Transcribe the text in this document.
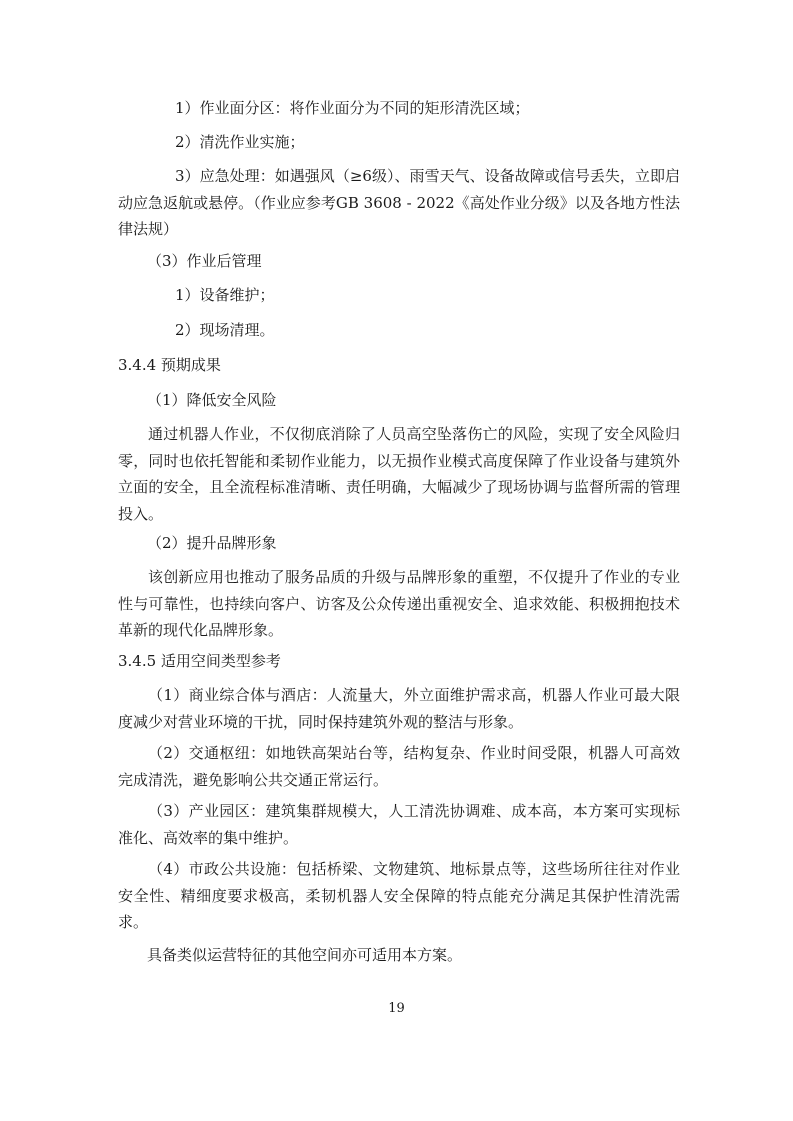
1）作业面分区：将作业面分为不同的矩形清洗区域；

2）清洗作业实施；

3）应急处理：如遇强风（≥6级）、雨雪天气、设备故障或信号丢失，立即启动应急返航或悬停。（作业应参考GB 3608 - 2022《高处作业分级》以及各地方性法律法规）

（3）作业后管理

1）设备维护；

2）现场清理。

3.4.4 预期成果

（1）降低安全风险

通过机器人作业，不仅彻底消除了人员高空坠落伤亡的风险，实现了安全风险归零，同时也依托智能和柔韧作业能力，以无损作业模式高度保障了作业设备与建筑外立面的安全，且全流程标准清晰、责任明确，大幅减少了现场协调与监督所需的管理投入。

（2）提升品牌形象

该创新应用也推动了服务品质的升级与品牌形象的重塑，不仅提升了作业的专业性与可靠性，也持续向客户、访客及公众传递出重视安全、追求效能、积极拥抱技术革新的现代化品牌形象。

3.4.5 适用空间类型参考

（1）商业综合体与酒店：人流量大，外立面维护需求高，机器人作业可最大限度减少对营业环境的干扰，同时保持建筑外观的整洁与形象。

（2）交通枢纽：如地铁高架站台等，结构复杂、作业时间受限，机器人可高效完成清洗，避免影响公共交通正常运行。

（3）产业园区：建筑集群规模大，人工清洗协调难、成本高，本方案可实现标准化、高效率的集中维护。

（4）市政公共设施：包括桥梁、文物建筑、地标景点等，这些场所往往对作业安全性、精细度要求极高，柔韧机器人安全保障的特点能充分满足其保护性清洗需求。

具备类似运营特征的其他空间亦可适用本方案。

19
